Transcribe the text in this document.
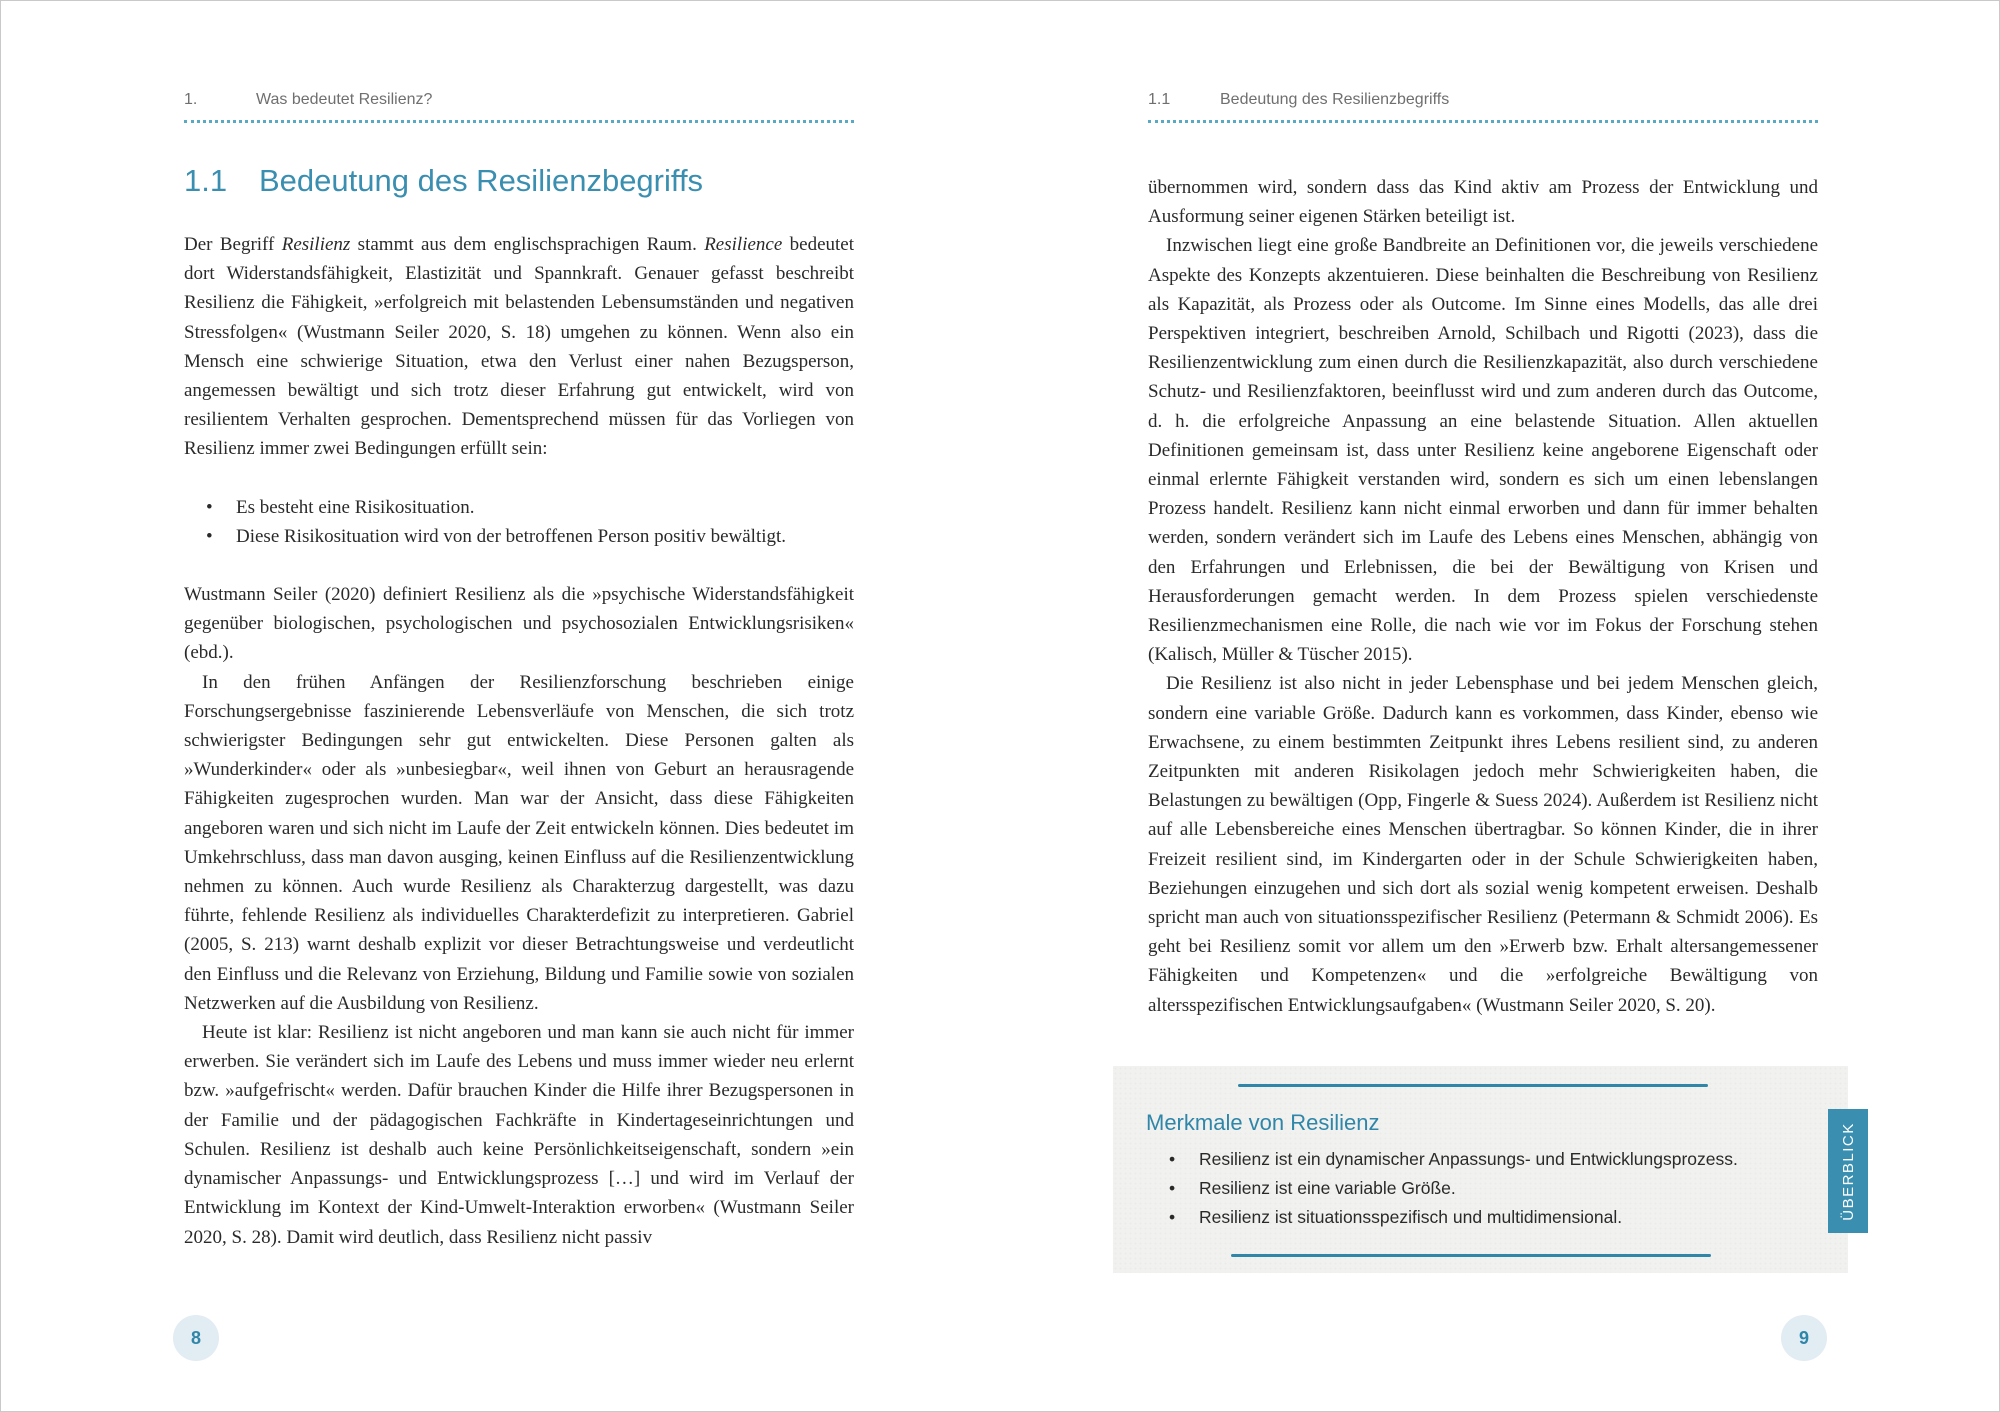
1.	Was bedeutet Resilienz?
1.1	Bedeutung des Resilienzbegriffs

Der Begriff Resilienz stammt aus dem englischsprachigen Raum. Resilience bedeutet dort Widerstandsfähigkeit, Elastizität und Spannkraft. Genauer gefasst beschreibt Resilienz die Fähigkeit, »erfolgreich mit belastenden Lebensumständen und negativen Stressfolgen« (Wustmann Seiler 2020, S. 18) umgehen zu können. Wenn also ein Mensch eine schwierige Situation, etwa den Verlust einer nahen Bezugsperson, angemessen bewältigt und sich trotz dieser Erfahrung gut entwickelt, wird von resilientem Verhalten gesprochen. Dementsprechend müssen für das Vorliegen von Resilienz immer zwei Bedingungen erfüllt sein:

• Es besteht eine Risikosituation.
• Diese Risikosituation wird von der betroffenen Person positiv bewältigt.

Wustmann Seiler (2020) definiert Resilienz als die »psychische Widerstandsfähigkeit gegenüber biologischen, psychologischen und psychosozialen Entwicklungsrisiken« (ebd.).

In den frühen Anfängen der Resilienzforschung beschrieben einige Forschungsergebnisse faszinierende Lebensverläufe von Menschen, die sich trotz schwierigster Bedingungen sehr gut entwickelten. Diese Personen galten als »Wunderkinder« oder als »unbesiegbar«, weil ihnen von Geburt an herausragende Fähigkeiten zugesprochen wurden. Man war der Ansicht, dass diese Fähigkeiten angeboren waren und sich nicht im Laufe der Zeit entwickeln können. Dies bedeutet im Umkehrschluss, dass man davon ausging, keinen Einfluss auf die Resilienzentwicklung nehmen zu können. Auch wurde Resilienz als Charakterzug dargestellt, was dazu führte, fehlende Resilienz als individuelles Charakterdefizit zu interpretieren. Gabriel (2005, S. 213) warnt deshalb explizit vor dieser Betrachtungsweise und verdeutlicht den Einfluss und die Relevanz von Erziehung, Bildung und Familie sowie von sozialen Netzwerken auf die Ausbildung von Resilienz.

Heute ist klar: Resilienz ist nicht angeboren und man kann sie auch nicht für immer erwerben. Sie verändert sich im Laufe des Lebens und muss immer wieder neu erlernt bzw. »aufgefrischt« werden. Dafür brauchen Kinder die Hilfe ihrer Bezugspersonen in der Familie und der pädagogischen Fachkräfte in Kindertageseinrichtungen und Schulen. Resilienz ist deshalb auch keine Persönlichkeitseigenschaft, sondern »ein dynamischer Anpassungs- und Entwicklungsprozess […] und wird im Verlauf der Entwicklung im Kontext der Kind-Umwelt-Interaktion erworben« (Wustmann Seiler 2020, S. 28). Damit wird deutlich, dass Resilienz nicht passiv

8
1.1	Bedeutung des Resilienzbegriffs

übernommen wird, sondern dass das Kind aktiv am Prozess der Entwicklung und Ausformung seiner eigenen Stärken beteiligt ist.

Inzwischen liegt eine große Bandbreite an Definitionen vor, die jeweils verschiedene Aspekte des Konzepts akzentuieren. Diese beinhalten die Beschreibung von Resilienz als Kapazität, als Prozess oder als Outcome. Im Sinne eines Modells, das alle drei Perspektiven integriert, beschreiben Arnold, Schilbach und Rigotti (2023), dass die Resilienzentwicklung zum einen durch die Resilienzkapazität, also durch verschiedene Schutz- und Resilienzfaktoren, beeinflusst wird und zum anderen durch das Outcome, d. h. die erfolgreiche Anpassung an eine belastende Situation. Allen aktuellen Definitionen gemeinsam ist, dass unter Resilienz keine angeborene Eigenschaft oder einmal erlernte Fähigkeit verstanden wird, sondern es sich um einen lebenslangen Prozess handelt. Resilienz kann nicht einmal erworben und dann für immer behalten werden, sondern verändert sich im Laufe des Lebens eines Menschen, abhängig von den Erfahrungen und Erlebnissen, die bei der Bewältigung von Krisen und Herausforderungen gemacht werden. In dem Prozess spielen verschiedenste Resilienzmechanismen eine Rolle, die nach wie vor im Fokus der Forschung stehen (Kalisch, Müller & Tüscher 2015).

Die Resilienz ist also nicht in jeder Lebensphase und bei jedem Menschen gleich, sondern eine variable Größe. Dadurch kann es vorkommen, dass Kinder, ebenso wie Erwachsene, zu einem bestimmten Zeitpunkt ihres Lebens resilient sind, zu anderen Zeitpunkten mit anderen Risikolagen jedoch mehr Schwierigkeiten haben, die Belastungen zu bewältigen (Opp, Fingerle & Suess 2024). Außerdem ist Resilienz nicht auf alle Lebensbereiche eines Menschen übertragbar. So können Kinder, die in ihrer Freizeit resilient sind, im Kindergarten oder in der Schule Schwierigkeiten haben, Beziehungen einzugehen und sich dort als sozial wenig kompetent erweisen. Deshalb spricht man auch von situationsspezifischer Resilienz (Petermann & Schmidt 2006). Es geht bei Resilienz somit vor allem um den »Erwerb bzw. Erhalt altersangemessener Fähigkeiten und Kompetenzen« und die »erfolgreiche Bewältigung von altersspezifischen Entwicklungsaufgaben« (Wustmann Seiler 2020, S. 20).

Merkmale von Resilienz
• Resilienz ist ein dynamischer Anpassungs- und Entwicklungsprozess.
• Resilienz ist eine variable Größe.
• Resilienz ist situationsspezifisch und multidimensional.	ÜBERBLICK
9
